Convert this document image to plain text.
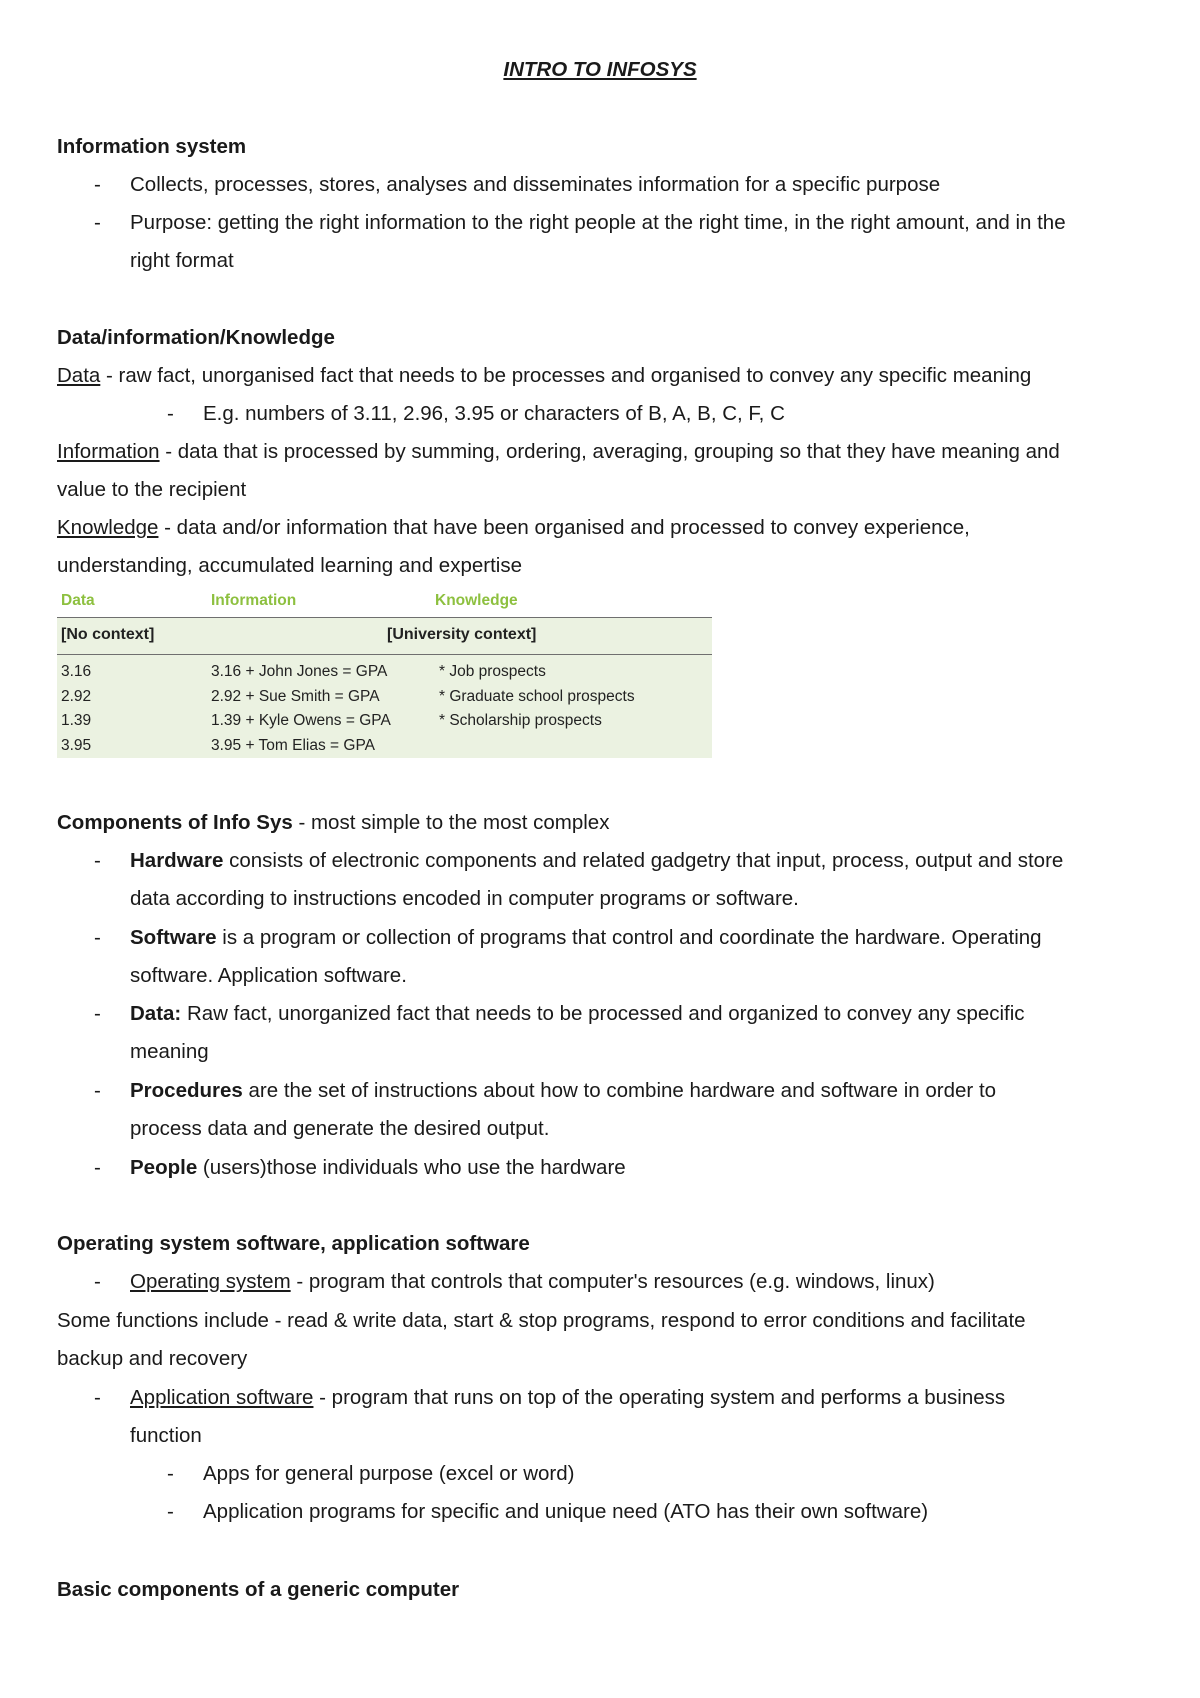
INTRO TO INFOSYS
Information system
- Collects, processes, stores, analyses and disseminates information for a specific purpose
- Purpose: getting the right information to the right people at the right time, in the right amount, and in the
right format
Data/information/Knowledge
Data - raw fact, unorganised fact that needs to be processes and organised to convey any specific meaning
- E.g. numbers of 3.11, 2.96, 3.95 or characters of B, A, B, C, F, C
Information - data that is processed by summing, ordering, averaging, grouping so that they have meaning and
value to the recipient
Knowledge - data and/or information that have been organised and processed to convey experience,
understanding, accumulated learning and expertise
Data	Information	Knowledge
[No context]	[University context]
3.16	3.16 + John Jones = GPA	* Job prospects
2.92	2.92 + Sue Smith = GPA	* Graduate school prospects
1.39	1.39 + Kyle Owens = GPA	* Scholarship prospects
3.95	3.95 + Tom Elias = GPA
Components of Info Sys - most simple to the most complex
- Hardware consists of electronic components and related gadgetry that input, process, output and store
data according to instructions encoded in computer programs or software.
- Software is a program or collection of programs that control and coordinate the hardware. Operating
software. Application software.
- Data: Raw fact, unorganized fact that needs to be processed and organized to convey any specific
meaning
- Procedures are the set of instructions about how to combine hardware and software in order to
process data and generate the desired output.
- People (users)those individuals who use the hardware
Operating system software, application software
- Operating system - program that controls that computer's resources (e.g. windows, linux)
Some functions include - read & write data, start & stop programs, respond to error conditions and facilitate
backup and recovery
- Application software - program that runs on top of the operating system and performs a business
function
- Apps for general purpose (excel or word)
- Application programs for specific and unique need (ATO has their own software)
Basic components of a generic computer
